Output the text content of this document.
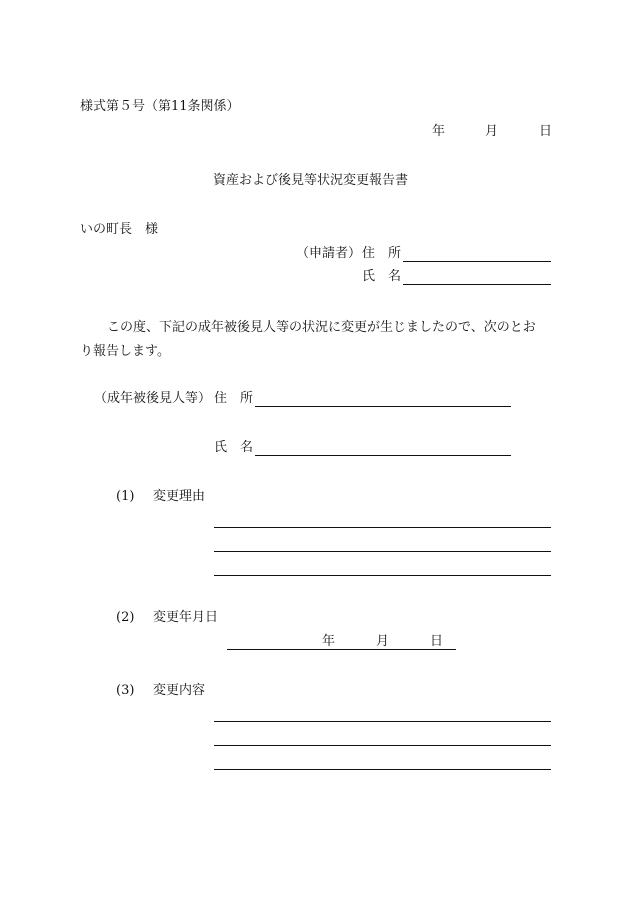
様式第５号（第11条関係）
年	月	日
資産および後見等状況変更報告書
いの町長　様
（申請者） 住　所
氏　名
この度、下記の成年被後見人等の状況に変更が生じましたので、次のとお
り報告します。
（成年被後見人等） 住　所
氏　名
(1) 変更理由
(2) 変更年月日
年	月	日
(3) 変更内容
